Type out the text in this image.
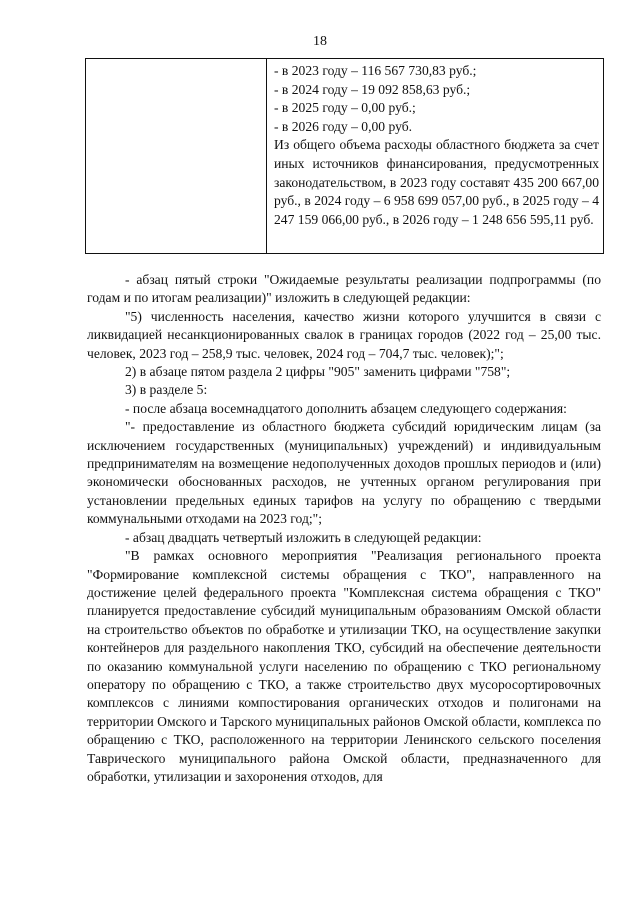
18
- в 2023 году – 116 567 730,83 руб.;
- в 2024 году – 19 092 858,63 руб.;
- в 2025 году – 0,00 руб.;
- в 2026 году – 0,00 руб.
Из общего объема расходы областного бюджета за счет иных источников финансирования, предусмотренных законодательством, в 2023 году составят 435 200 667,00 руб., в 2024 году – 6 958 699 057,00 руб., в 2025 году – 4 247 159 066,00 руб., в 2026 году – 1 248 656 595,11 руб.

- абзац пятый строки "Ожидаемые результаты реализации подпрограммы (по годам и по итогам реализации)" изложить в следующей редакции:

"5) численность населения, качество жизни которого улучшится в связи с ликвидацией несанкционированных свалок в границах городов (2022 год – 25,00 тыс. человек, 2023 год – 258,9 тыс. человек, 2024 год – 704,7 тыс. человек);";

2) в абзаце пятом раздела 2 цифры "905" заменить цифрами "758";

3) в разделе 5:

- после абзаца восемнадцатого дополнить абзацем следующего содержания:

"- предоставление из областного бюджета субсидий юридическим лицам (за исключением государственных (муниципальных) учреждений) и индивидуальным предпринимателям на возмещение недополученных доходов прошлых периодов и (или) экономически обоснованных расходов, не учтенных органом регулирования при установлении предельных единых тарифов на услугу по обращению с твердыми коммунальными отходами на 2023 год;";

- абзац двадцать четвертый изложить в следующей редакции:

"В рамках основного мероприятия "Реализация регионального проекта "Формирование комплексной системы обращения с ТКО", направленного на достижение целей федерального проекта "Комплексная система обращения с ТКО" планируется предоставление субсидий муниципальным образованиям Омской области на строительство объектов по обработке и утилизации ТКО, на осуществление закупки контейнеров для раздельного накопления ТКО, субсидий на обеспечение деятельности по оказанию коммунальной услуги населению по обращению с ТКО региональному оператору по обращению с ТКО, а также строительство двух мусоросортировочных комплексов с линиями компостирования органических отходов и полигонами на территории Омского и Тарского муниципальных районов Омской области, комплекса по обращению с ТКО, расположенного на территории Ленинского сельского поселения Таврического муниципального района Омской области, предназначенного для обработки, утилизации и захоронения отходов, для
